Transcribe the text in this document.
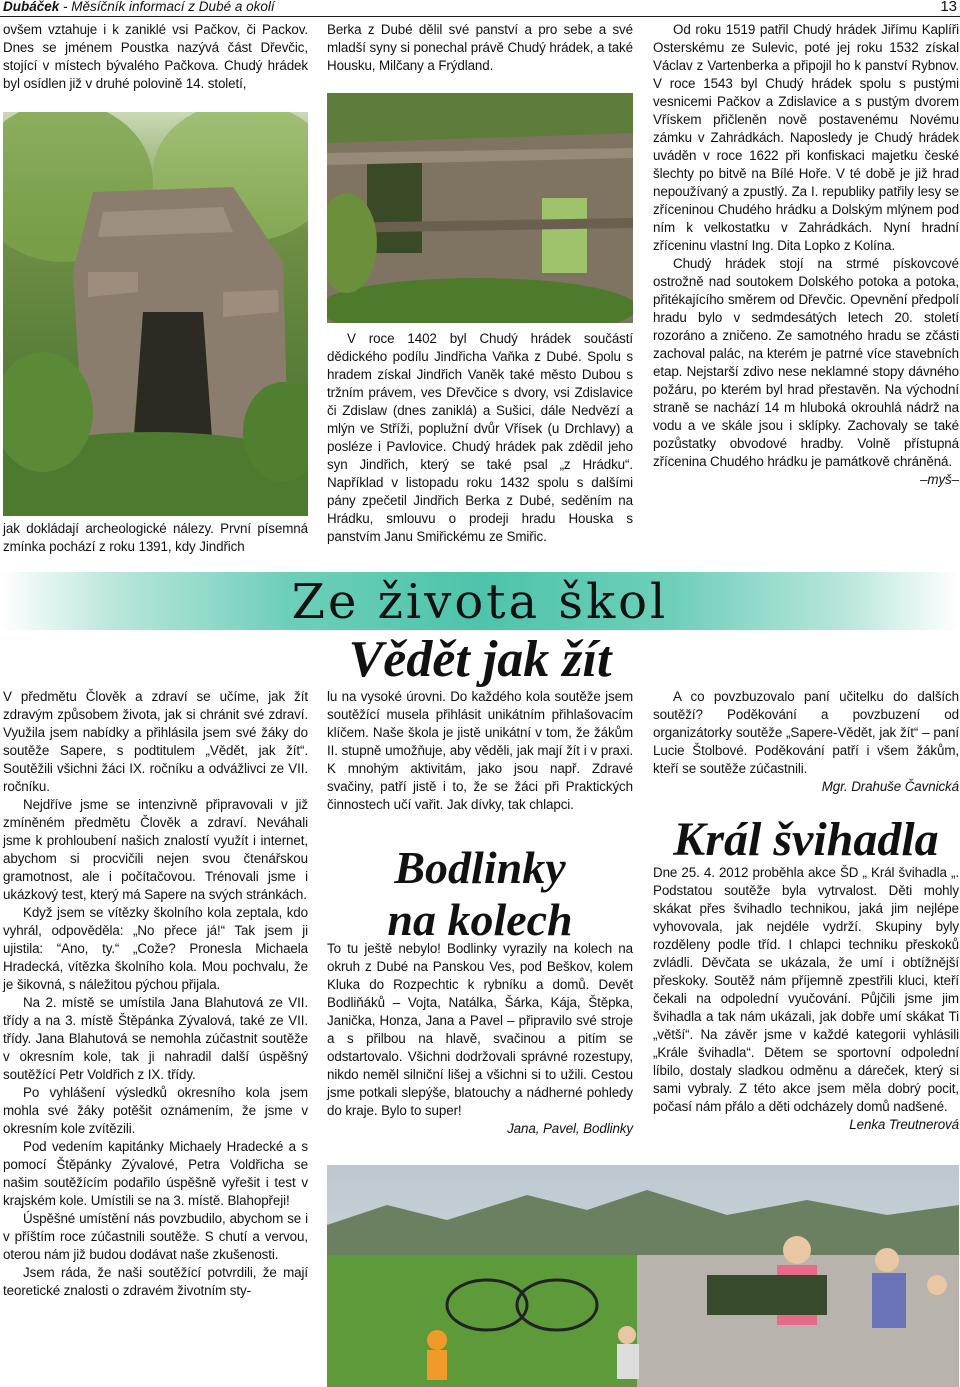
Dubáček - Měsíčník informací z Dubé a okolí	13

ovšem vztahuje i k zaniklé vsi Pačkov, či Packov. Dnes se jménem Poustka nazývá část Dřevčic, stojící v místech bývalého Pačkova. Chudý hrádek byl osídlen již v druhé polovině 14. století,

jak dokládají archeologické nálezy. První písemná zmínka pochází z roku 1391, kdy Jindřich

Berka z Dubé dělil své panství a pro sebe a své mladší syny si ponechal právě Chudý hrádek, a také Housku, Milčany a Frýdland.

V roce 1402 byl Chudý hrádek součástí dědického podílu Jindřicha Vaňka z Dubé. Spolu s hradem získal Jindřich Vaněk také město Dubou s tržním právem, ves Dřevčice s dvory, vsi Zdislavice či Zdislaw (dnes zaniklá) a Sušici, dále Nedvězí a mlýn ve Stříži, poplužní dvůr Vřísek (u Drchlavy) a posléze i Pavlovice. Chudý hrádek pak zdědil jeho syn Jindřich, který se také psal „z Hrádku“. Například v listopadu roku 1432 spolu s dalšími pány zpečetil Jindřich Berka z Dubé, seděním na Hrádku, smlouvu o prodeji hradu Houska s panstvím Janu Smiřickému ze Smiřic.

Od roku 1519 patřil Chudý hrádek Jiřímu Kaplíři Osterskému ze Sulevic, poté jej roku 1532 získal Václav z Vartenberka a připojil ho k panství Rybnov. V roce 1543 byl Chudý hrádek spolu s pustými vesnicemi Pačkov a Zdislavice a s pustým dvorem Vřískem přičleněn nově postavenému Novému zámku v Zahrádkách. Naposledy je Chudý hrádek uváděn v roce 1622 při konfiskaci majetku české šlechty po bitvě na Bílé Hoře. V té době je již hrad nepoužívaný a zpustlý. Za I. republiky patřily lesy se zříceninou Chudého hrádku a Dolským mlýnem pod ním k velkostatku v Zahrádkách. Nyní hradní zříceninu vlastní Ing. Dita Lopko z Kolína.

Chudý hrádek stojí na strmé pískovcové ostrožně nad soutokem Dolského potoka a potoka, přitékajícího směrem od Dřevčic. Opevnění předpolí hradu bylo v sedmdesátých letech 20. století rozoráno a zničeno. Ze samotného hradu se zčásti zachoval palác, na kterém je patrné více stavebních etap. Nejstarší zdivo nese neklamné stopy dávného požáru, po kterém byl hrad přestavěn. Na východní straně se nachází 14 m hluboká okrouhlá nádrž na vodu a ve skále jsou i sklípky. Zachovaly se také pozůstatky obvodové hradby. Volně přístupná zřícenina Chudého hrádku je památkově chráněná.

–myš–

Ze života škol
Vědět jak žít

V předmětu Člověk a zdraví se učíme, jak žít zdravým způsobem života, jak si chránit své zdraví. Využila jsem nabídky a přihlásila jsem své žáky do soutěže Sapere, s podtitulem „Vědět, jak žít“. Soutěžili všichni žáci IX. ročníku a odvážlivci ze VII. ročníku.

Nejdříve jsme se intenzivně připravovali v již zmíněném předmětu Člověk a zdraví. Neváhali jsme k prohloubení našich znalostí využít i internet, abychom si procvičili nejen svou čtenářskou gramotnost, ale i počítačovou. Trénovali jsme i ukázkový test, který má Sapere na svých stránkách.

Když jsem se vítězky školního kola zeptala, kdo vyhrál, odpověděla: „No přece já!“ Tak jsem ji ujistila: “Ano, ty.“ „Cože? Pronesla Michaela Hradecká, vítězka školního kola. Mou pochvalu, že je šikovná, s náležitou pýchou přijala.

Na 2. místě se umístila Jana Blahutová ze VII. třídy a na 3. místě Štěpánka Zývalová, také ze VII. třídy. Jana Blahutová se nemohla zúčastnit soutěže v okresním kole, tak ji nahradil další úspěšný soutěžící Petr Voldřich z IX. třídy.

Po vyhlášení výsledků okresního kola jsem mohla své žáky potěšit oznámením, že jsme v okresním kole zvítězili.

Pod vedením kapitánky Michaely Hradecké a s pomocí Štěpánky Zývalové, Petra Voldřicha se našim soutěžícím podařilo úspěšně vyřešit i test v krajském kole. Umístili se na 3. místě. Blahopřeji!

Úspěšné umístění nás povzbudilo, abychom se i v příštím roce zúčastnili soutěže. S chutí a vervou, oterou nám již budou dodávat naše zkušenosti.

Jsem ráda, že naši soutěžící potvrdili, že mají teoretické znalosti o zdravém životním sty-

lu na vysoké úrovni. Do každého kola soutěže jsem soutěžící musela přihlásit unikátním přihlašovacím klíčem. Naše škola je jistě unikátní v tom, že žákům II. stupně umožňuje, aby věděli, jak mají žít i v praxi. K mnohým aktivitám, jako jsou např. Zdravé svačiny, patří jistě i to, že se žáci při Praktických činnostech učí vařit. Jak dívky, tak chlapci.

Bodlinky
na kolech

To tu ještě nebylo! Bodlinky vyrazily na kolech na okruh z Dubé na Panskou Ves, pod Beškov, kolem Kluka do Rozpechtic k rybníku a domů. Devět Bodliňáků – Vojta, Natálka, Šárka, Kája, Štěpka, Janička, Honza, Jana a Pavel – připravilo své stroje a s přilbou na hlavě, svačinou a pitím se odstartovalo. Všichni dodržovali správné rozestupy, nikdo neměl silniční lišej a všichni si to užili. Cestou jsme potkali slepýše, blatouchy a nádherné pohledy do kraje. Bylo to super!

Jana, Pavel, Bodlinky

A co povzbuzovalo paní učitelku do dalších soutěží? Poděkování a povzbuzení od organizátorky soutěže „Sapere-Vědět, jak žít“ – paní Lucie Štolbové. Poděkování patří i všem žákům, kteří se soutěže zúčastnili.

Mgr. Drahuše Čavnická

Král švihadla

Dne 25. 4. 2012 proběhla akce ŠD „ Král švihadla „. Podstatou soutěže byla vytrvalost. Děti mohly skákat přes švihadlo technikou, jaká jim nejlépe vyhovovala, jak nejdéle vydrží. Skupiny byly rozděleny podle tříd. I chlapci techniku přeskoků zvládli. Děvčata se ukázala, že umí i obtížnější přeskoky. Soutěž nám příjemně zpestřili kluci, kteří čekali na odpolední vyučování. Půjčili jsme jim švihadla a tak nám ukázali, jak dobře umí skákat Ti „větší“. Na závěr jsme v každé kategorii vyhlásili „Krále švihadla“. Dětem se sportovní odpolední líbilo, dostaly sladkou odměnu a dáreček, který si sami vybraly. Z této akce jsem měla dobrý pocit, počasí nám přálo a děti odcházely domů nadšené.

Lenka Treutnerová
